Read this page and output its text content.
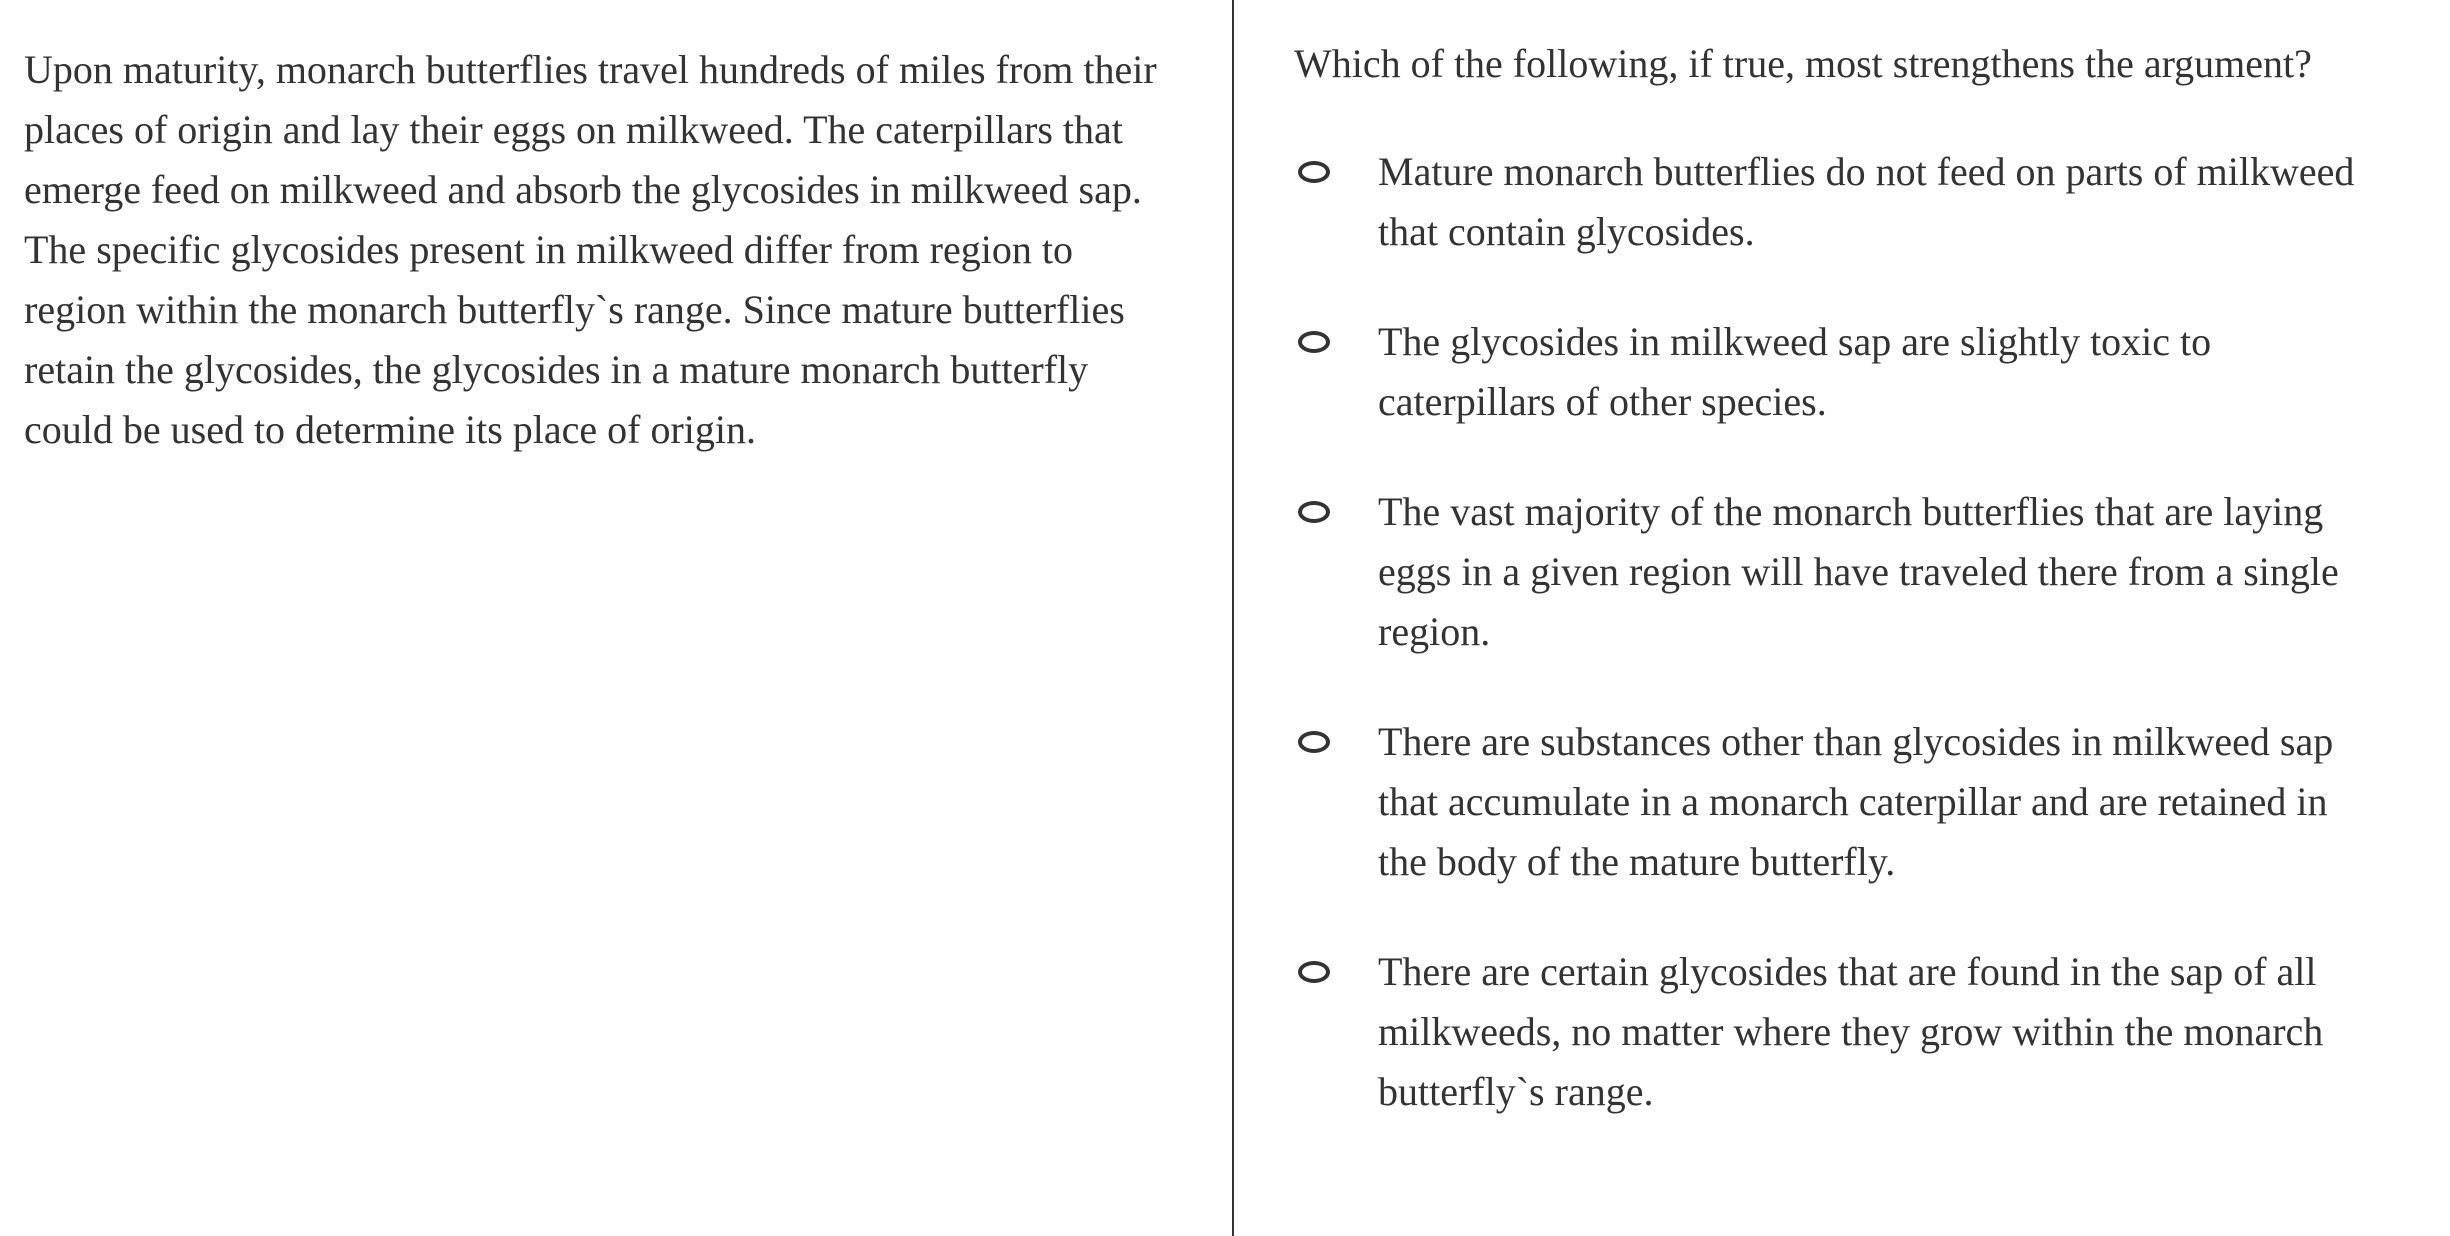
Upon maturity, monarch butterflies travel hundreds of miles from their places of origin and lay their eggs on milkweed. The caterpillars that emerge feed on milkweed and absorb the glycosides in milkweed sap. The specific glycosides present in milkweed differ from region to region within the monarch butterfly`s range. Since mature butterflies retain the glycosides, the glycosides in a mature monarch butterfly could be used to determine its place of origin.

Which of the following, if true, most strengthens the argument?

Mature monarch butterflies do not feed on parts of milkweed that contain glycosides.
The glycosides in milkweed sap are slightly toxic to caterpillars of other species.
The vast majority of the monarch butterflies that are laying eggs in a given region will have traveled there from a single region.
There are substances other than glycosides in milkweed sap that accumulate in a monarch caterpillar and are retained in the body of the mature butterfly.
There are certain glycosides that are found in the sap of all milkweeds, no matter where they grow within the monarch butterfly`s range.
